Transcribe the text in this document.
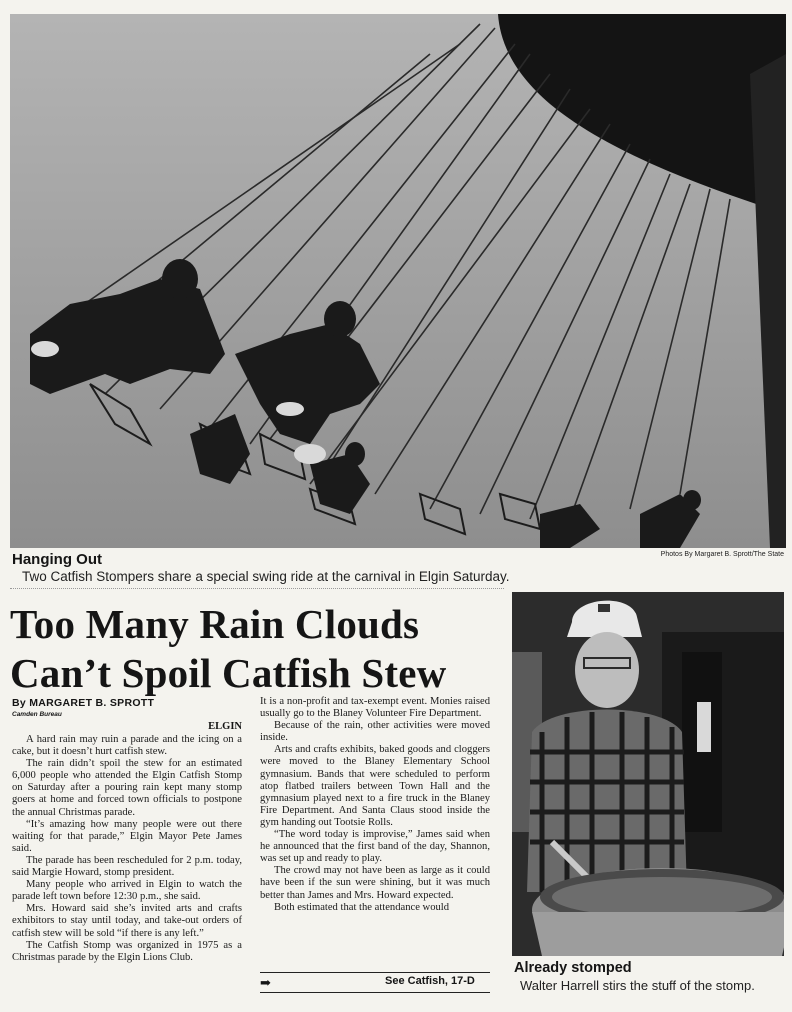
Photos By Margaret B. Sprott/The State
Hanging Out
Two Catfish Stompers share a special swing ride at the carnival in Elgin Saturday.
Too Many Rain Clouds
Can’t Spoil Catfish Stew
By MARGARET B. SPROTT
Camden Bureau
ELGIN

A hard rain may ruin a parade and the icing on a cake, but it doesn’t hurt catfish stew.

The rain didn’t spoil the stew for an estimated 6,000 people who attended the Elgin Catfish Stomp on Saturday after a pouring rain kept many stomp goers at home and forced town officials to postpone the annual Christmas parade.

“It’s amazing how many people were out there waiting for that parade,” Elgin Mayor Pete James said.

The parade has been rescheduled for 2 p.m. today, said Margie Howard, stomp president.

Many people who arrived in Elgin to watch the parade left town before 12:30 p.m., she said.

Mrs. Howard said she’s invited arts and crafts exhibitors to stay until today, and take-out orders of catfish stew will be sold “if there is any left.”

The Catfish Stomp was organized in 1975 as a Christmas parade by the Elgin Lions Club.

It is a non-profit and tax-exempt event. Monies raised usually go to the Blaney Volunteer Fire Department.

Because of the rain, other activities were moved inside.

Arts and crafts exhibits, baked goods and cloggers were moved to the Blaney Elementary School gymnasium. Bands that were scheduled to perform atop flatbed trailers between Town Hall and the gymnasium played next to a fire truck in the Blaney Fire Department. And Santa Claus stood inside the gym handing out Tootsie Rolls.

“The word today is improvise,” James said when he announced that the first band of the day, Shannon, was set up and ready to play.

The crowd may not have been as large as it could have been if the sun were shining, but it was much better than James and Mrs. Howard expected.

Both estimated that the attendance would

➡	See Catfish, 17-D
Already stomped
Walter Harrell stirs the stuff of the stomp.
